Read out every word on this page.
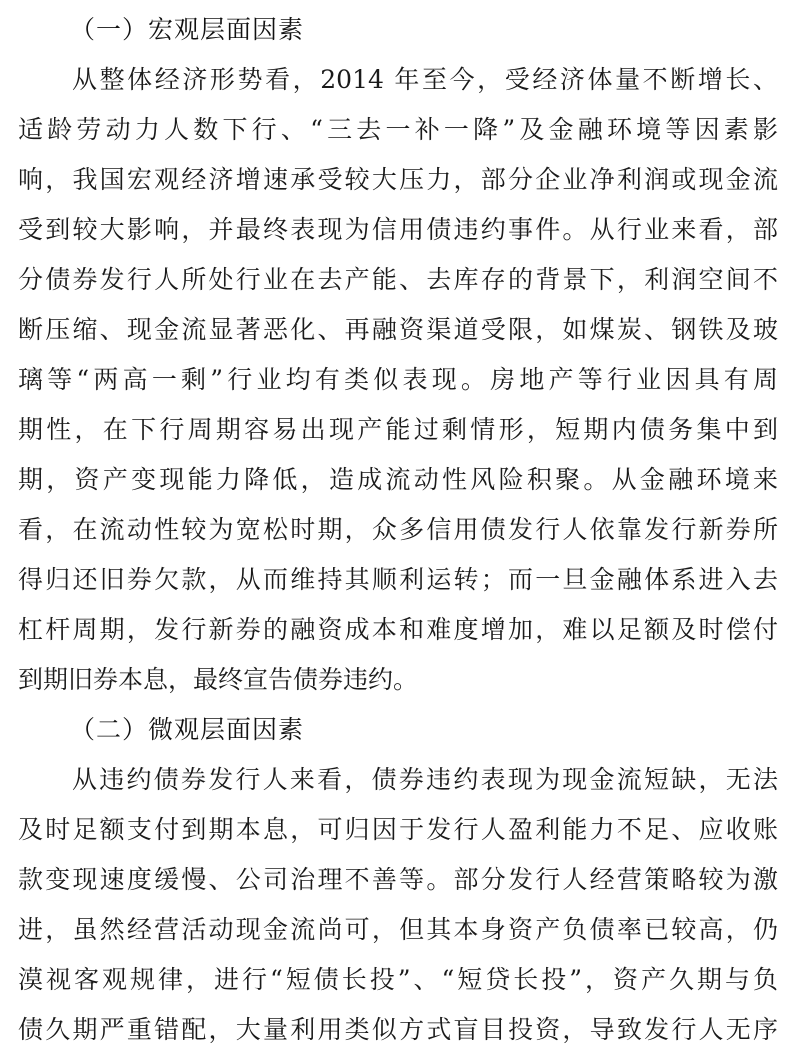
（一）宏观层面因素
从整体经济形势看，2014 年至今，受经济体量不断增长、
适龄劳动力人数下行、“三去一补一降”及金融环境等因素影
响，我国宏观经济增速承受较大压力，部分企业净利润或现金流
受到较大影响，并最终表现为信用债违约事件。从行业来看，部
分债券发行人所处行业在去产能、去库存的背景下，利润空间不
断压缩、现金流显著恶化、再融资渠道受限，如煤炭、钢铁及玻
璃等“两高一剩”行业均有类似表现。房地产等行业因具有周
期性，在下行周期容易出现产能过剩情形，短期内债务集中到
期，资产变现能力降低，造成流动性风险积聚。从金融环境来
看，在流动性较为宽松时期，众多信用债发行人依靠发行新券所
得归还旧券欠款，从而维持其顺利运转；而一旦金融体系进入去
杠杆周期，发行新券的融资成本和难度增加，难以足额及时偿付
到期旧券本息，最终宣告债券违约。
（二）微观层面因素
从违约债券发行人来看，债券违约表现为现金流短缺，无法
及时足额支付到期本息，可归因于发行人盈利能力不足、应收账
款变现速度缓慢、公司治理不善等。部分发行人经营策略较为激
进，虽然经营活动现金流尚可，但其本身资产负债率已较高，仍
漠视客观规律，进行“短债长投”、“短贷长投”，资产久期与负
债久期严重错配，大量利用类似方式盲目投资，导致发行人无序
